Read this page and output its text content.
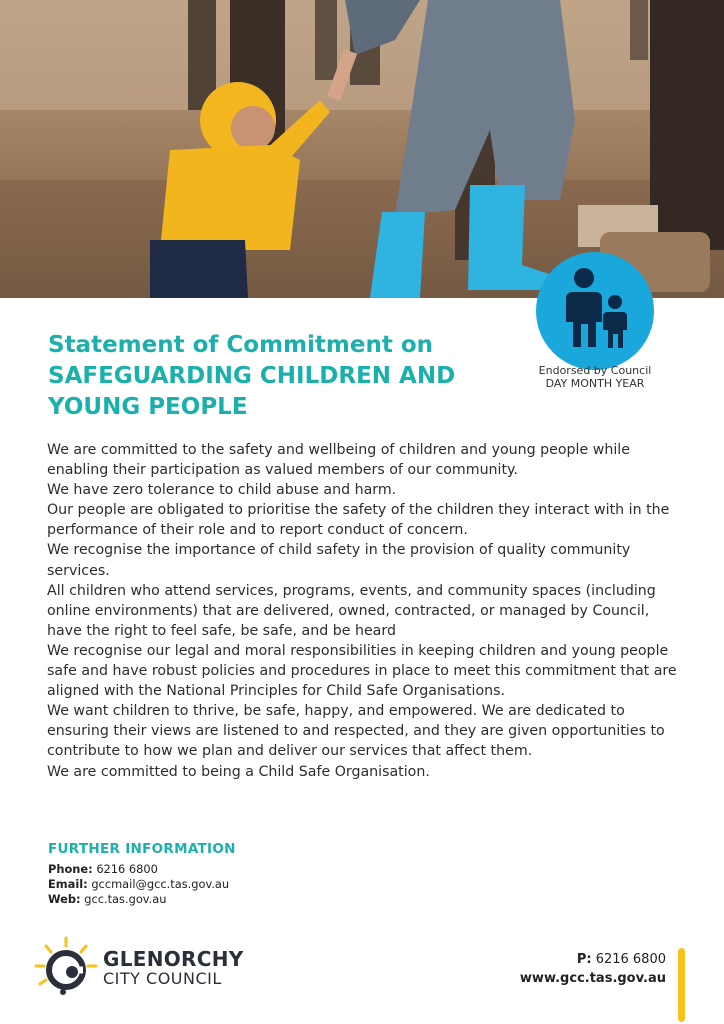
Endorsed by Council
DAY MONTH YEAR
Statement of Commitment on
SAFEGUARDING CHILDREN AND
YOUNG PEOPLE

We are committed to the safety and wellbeing of children and young people while enabling their participation as valued members of our community.

We have zero tolerance to child abuse and harm.

Our people are obligated to prioritise the safety of the children they interact with in the performance of their role and to report conduct of concern.

We recognise the importance of child safety in the provision of quality community services.

All children who attend services, programs, events, and community spaces (including online environments) that are delivered, owned, contracted, or managed by Council, have the right to feel safe, be safe, and be heard

We recognise our legal and moral responsibilities in keeping children and young people safe and have robust policies and procedures in place to meet this commitment that are aligned with the National Principles for Child Safe Organisations.

We want children to thrive, be safe, happy, and empowered. We are dedicated to ensuring their views are listened to and respected, and they are given opportunities to contribute to how we plan and deliver our services that affect them.

We are committed to being a Child Safe Organisation.

FURTHER INFORMATION
Phone: 6216 6800
Email: gccmail@gcc.tas.gov.au
Web: gcc.tas.gov.au
GLENORCHY
CITY COUNCIL
P: 6216 6800
www.gcc.tas.gov.au
